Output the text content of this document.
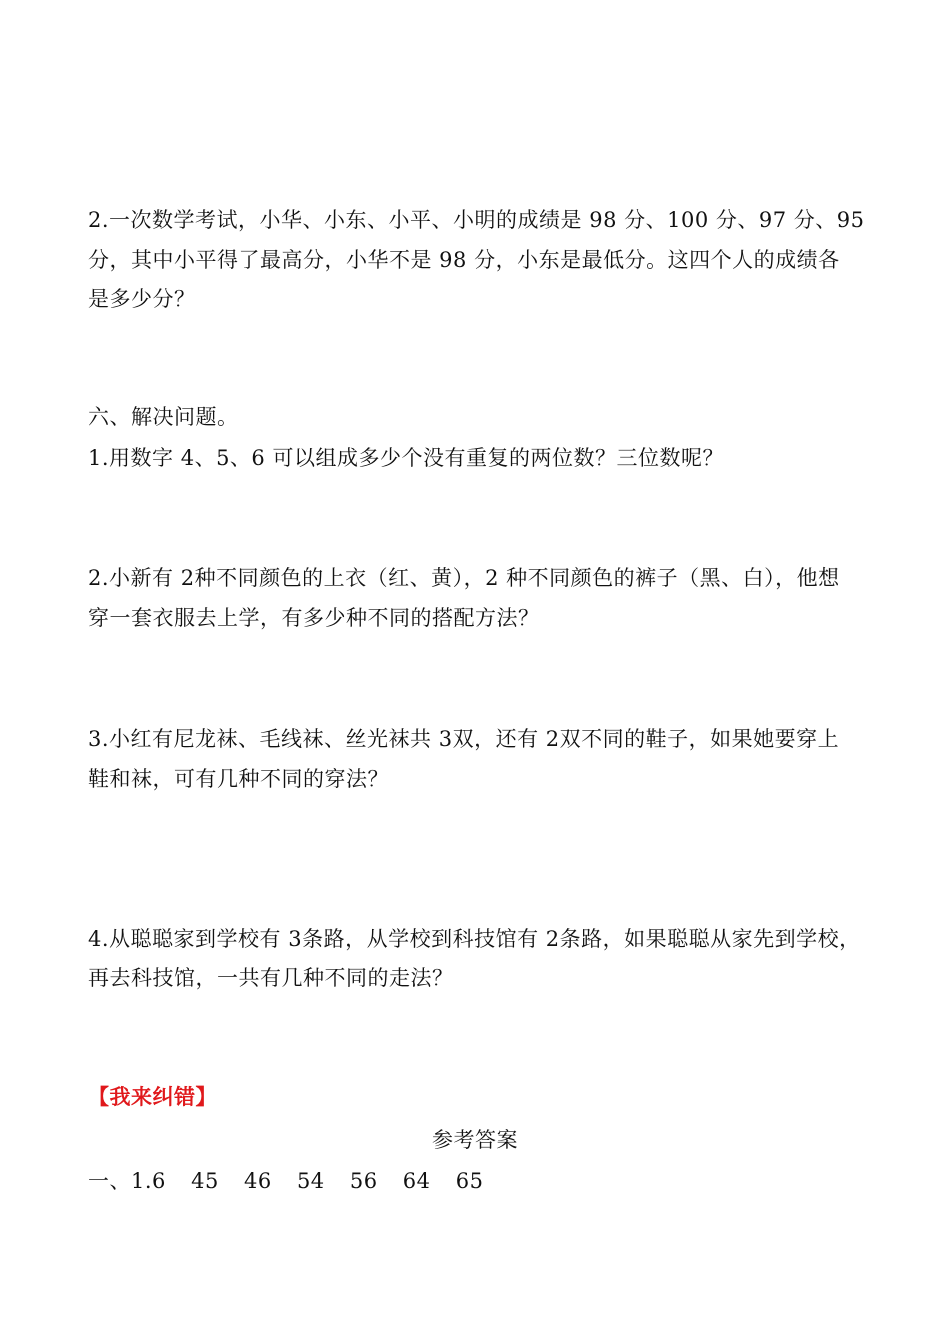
2.一次数学考试，小华、小东、小平、小明的成绩是 98 分、100 分、97 分、95
分，其中小平得了最高分，小华不是 98 分，小东是最低分。这四个人的成绩各
是多少分？
六、解决问题。
1.用数字 4、5、6 可以组成多少个没有重复的两位数？三位数呢？
2.小新有 2种不同颜色的上衣（红、黄），2 种不同颜色的裤子（黑、白），他想
穿一套衣服去上学，有多少种不同的搭配方法？
3.小红有尼龙袜、毛线袜、丝光袜共 3双，还有 2双不同的鞋子，如果她要穿上
鞋和袜，可有几种不同的穿法？
4.从聪聪家到学校有 3条路，从学校到科技馆有 2条路，如果聪聪从家先到学校，
再去科技馆，一共有几种不同的走法？
【我来纠错】
参考答案
一、1.6 45 46 54 56 64 65
